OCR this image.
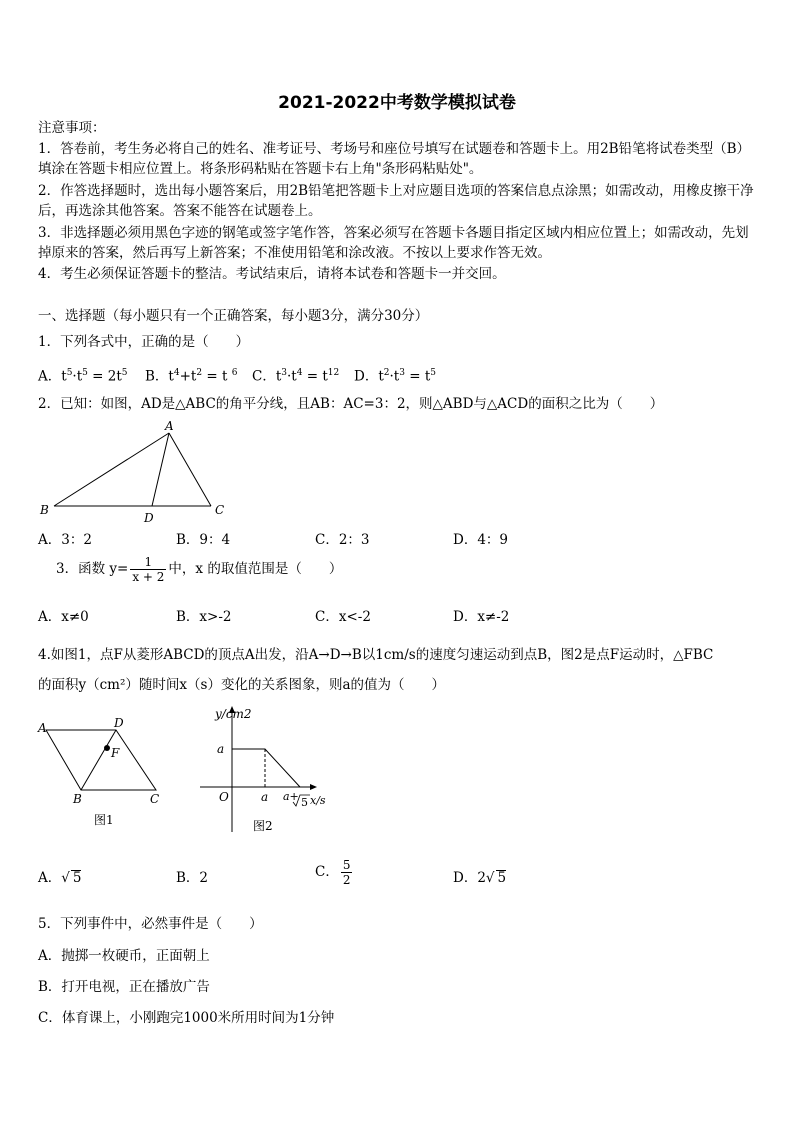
2021-2022中考数学模拟试卷
注意事项：
1．答卷前，考生务必将自己的姓名、准考证号、考场号和座位号填写在试题卷和答题卡上。用2B铅笔将试卷类型（B）填涂在答题卡相应位置上。将条形码粘贴在答题卡右上角"条形码粘贴处"。
2．作答选择题时，选出每小题答案后，用2B铅笔把答题卡上对应题目选项的答案信息点涂黑；如需改动，用橡皮擦干净后，再选涂其他答案。答案不能答在试题卷上。
3．非选择题必须用黑色字迹的钢笔或签字笔作答，答案必须写在答题卡各题目指定区域内相应位置上；如需改动，先划掉原来的答案，然后再写上新答案；不准使用铅笔和涂改液。不按以上要求作答无效。
4．考生必须保证答题卡的整洁。考试结束后，请将本试卷和答题卡一并交回。
一、选择题（每小题只有一个正确答案，每小题3分，满分30分）
1．下列各式中，正确的是（　　）
A．$t^5\cdot t^5 = 2t^5$ B．$t^4+t^2 = t$ $^6$ C．$t^3\cdot t^4 = t^{12}$ D．$t^2\cdot t^3 = t^5$
2．已知：如图，AD是△ABC的角平分线，且AB：AC=3：2，则△ABD与△ACD的面积之比为（　　）
A
B	C
D
A．3：2	B．9：4	C．2：3	D．4：9
3．函数 $y= \frac{1}{x + 2}$ 中，x 的取值范围是（　　）
A．x≠0	B．x>-2	C．x<-2	D．x≠-2
4.如图1，点F从菱形ABCD的顶点A出发，沿A→D→B以1cm/s的速度匀速运动到点B，图2是点F运动时，△FBC
的面积y（cm²）随时间x（s）变化的关系图象，则a的值为（　　）
A	D
F
B	C
图1
y/cm2
a
O	a a+ 5 x/s
图2
A．√ 5	B．2	C． $\frac{5}{2}$	D．2√ 5
5．下列事件中，必然事件是（　　）
A．抛掷一枚硬币，正面朝上
B．打开电视，正在播放广告
C．体育课上，小刚跑完1000米所用时间为1分钟
